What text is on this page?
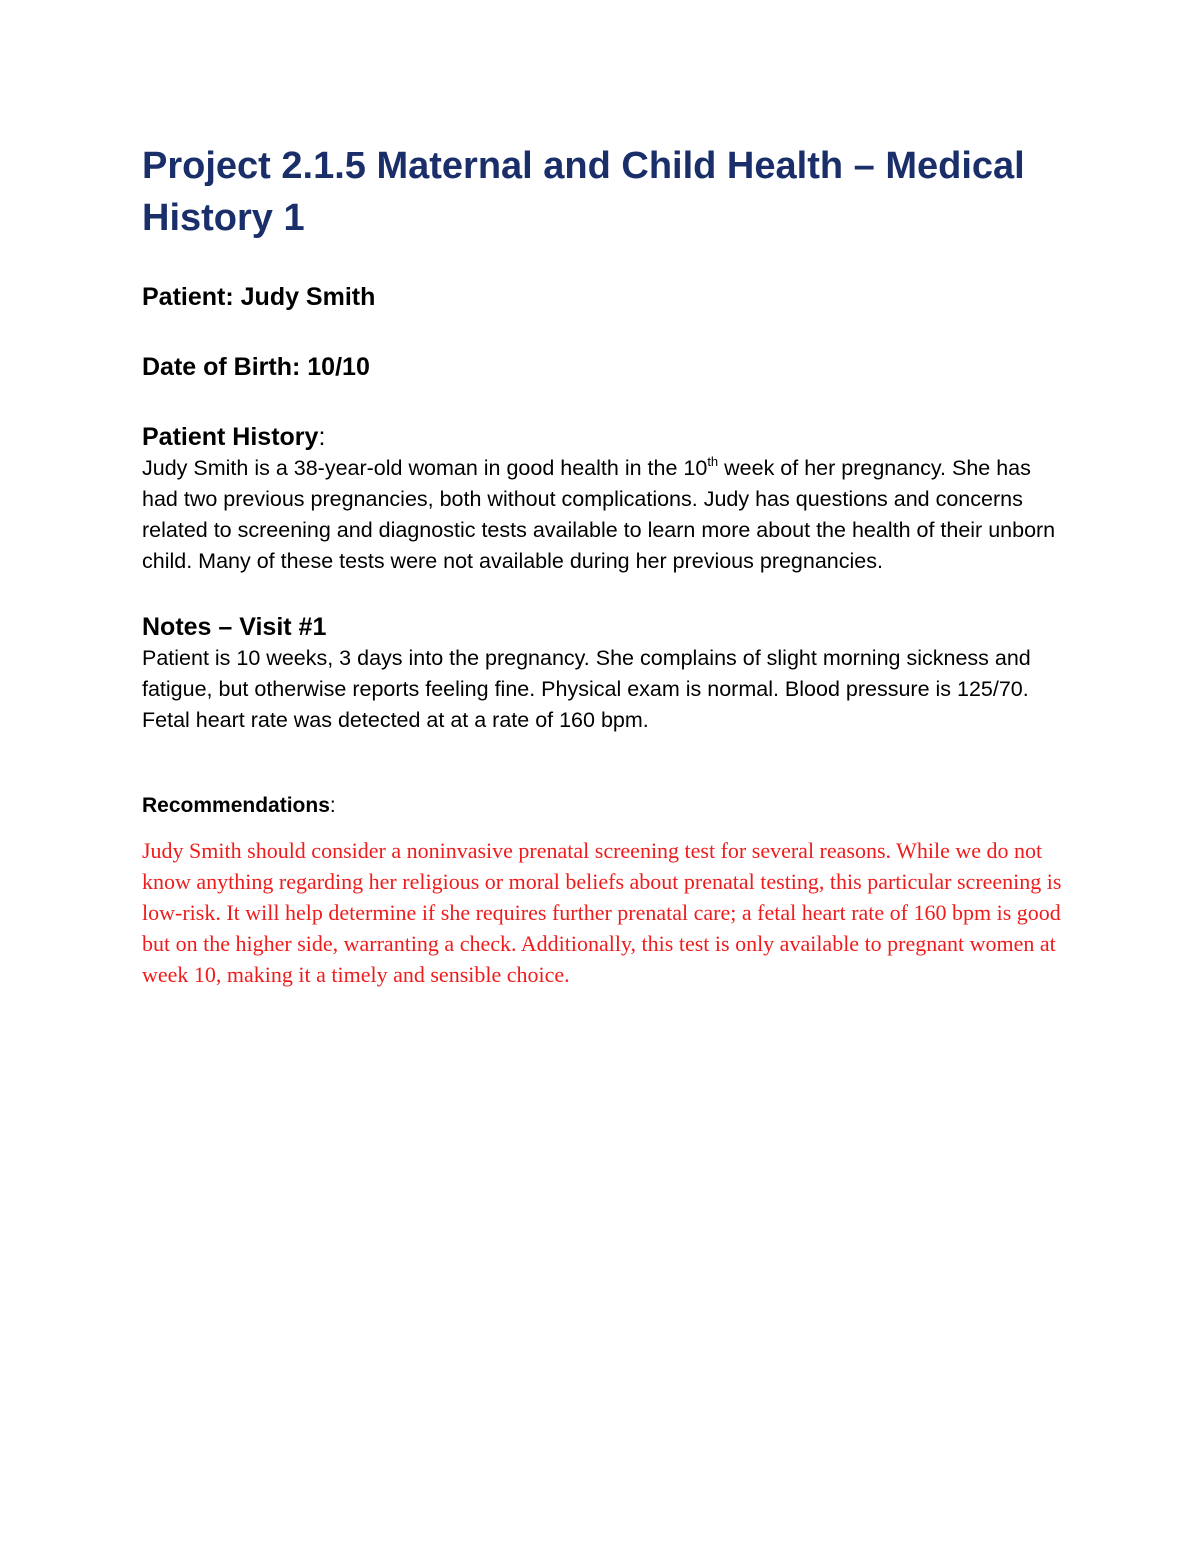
Project 2.1.5 Maternal and Child Health – Medical History 1

Patient: Judy Smith

Date of Birth: 10/10

Patient History:

Judy Smith is a 38-year-old woman in good health in the 10th week of her pregnancy. She has had two previous pregnancies, both without complications. Judy has questions and concerns related to screening and diagnostic tests available to learn more about the health of their unborn child. Many of these tests were not available during her previous pregnancies.

Notes – Visit #1

Patient is 10 weeks, 3 days into the pregnancy. She complains of slight morning sickness and fatigue, but otherwise reports feeling fine. Physical exam is normal. Blood pressure is 125/70. Fetal heart rate was detected at at a rate of 160 bpm.

Recommendations:

Judy Smith should consider a noninvasive prenatal screening test for several reasons. While we do not know anything regarding her religious or moral beliefs about prenatal testing, this particular screening is low-risk. It will help determine if she requires further prenatal care; a fetal heart rate of 160 bpm is good but on the higher side, warranting a check. Additionally, this test is only available to pregnant women at week 10, making it a timely and sensible choice.
